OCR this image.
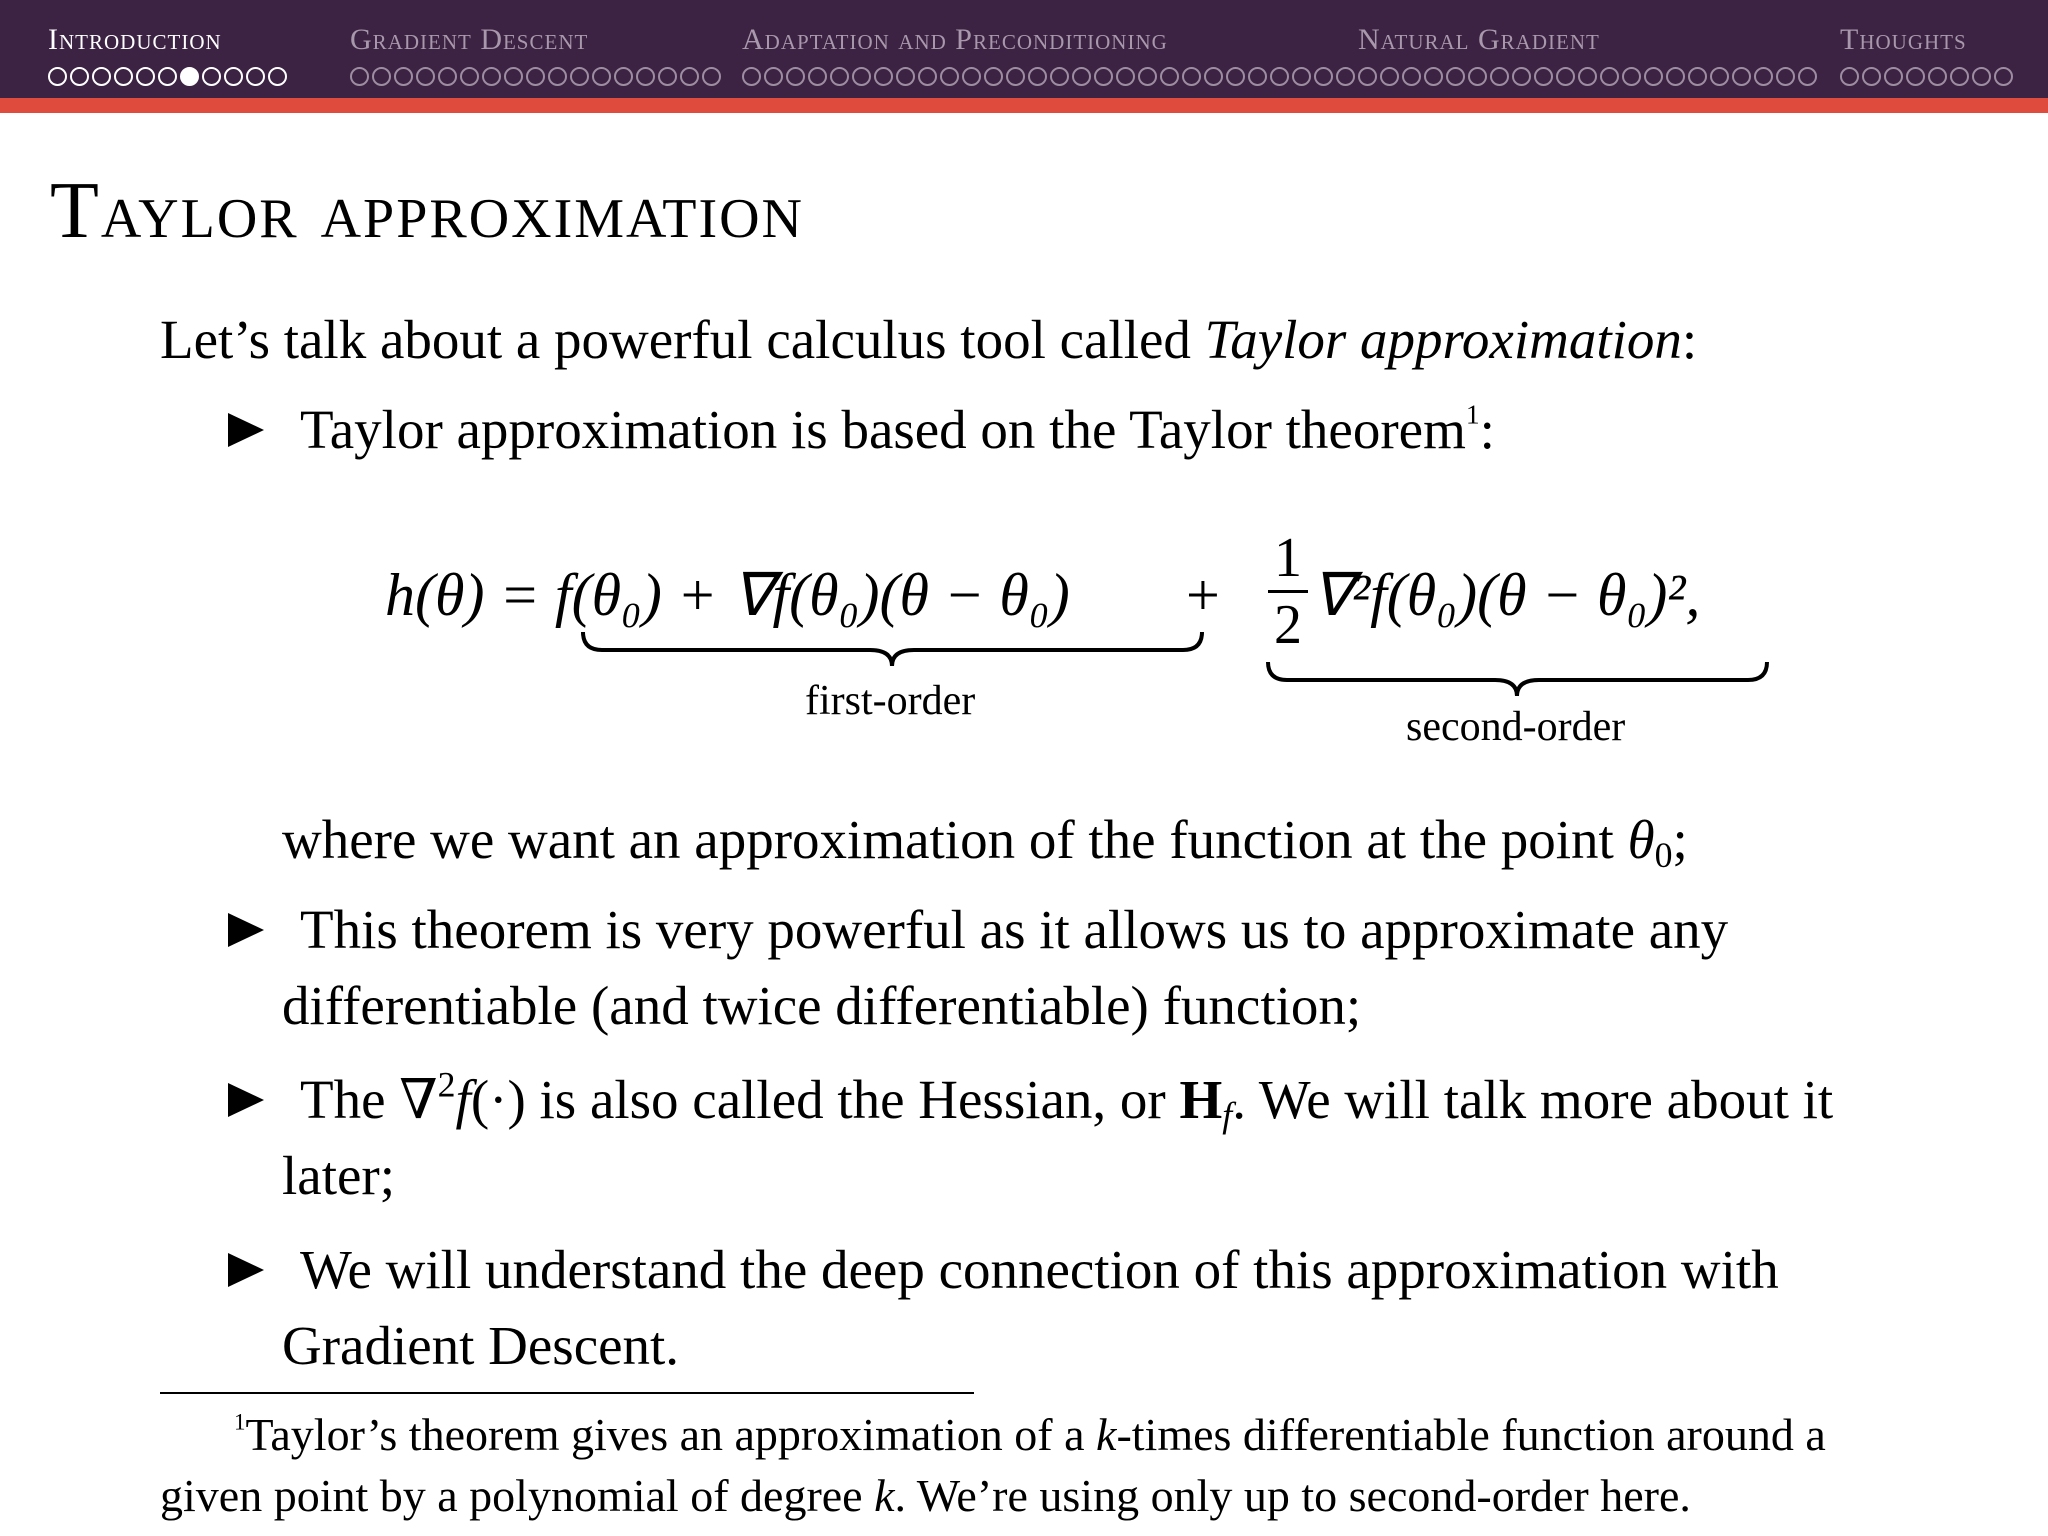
Introduction	Gradient Descent	Adaptation and Preconditioning	Natural Gradient	Thoughts
Taylor approximation
Let’s talk about a powerful calculus tool called Taylor approximation:
Taylor approximation is based on the Taylor theorem$^1$:
h(θ) = f(θ₀) + ∇f(θ₀)(θ − θ₀) +
1
2 ∇²f(θ₀)(θ − θ₀)²,
first-order
second-order
where we want an approximation of the function at the point $\theta_0$;
This theorem is very powerful as it allows us to approximate any differentiable (and twice differentiable) function;
The ∇$^2$f(·) is also called the Hessian, or $H_f$. We will talk more about it later;
We will understand the deep connection of this approximation with Gradient Descent.
$^1$Taylor’s theorem gives an approximation of a k-times differentiable function around a given point by a polynomial of degree k. We’re using only up to second-order here.
